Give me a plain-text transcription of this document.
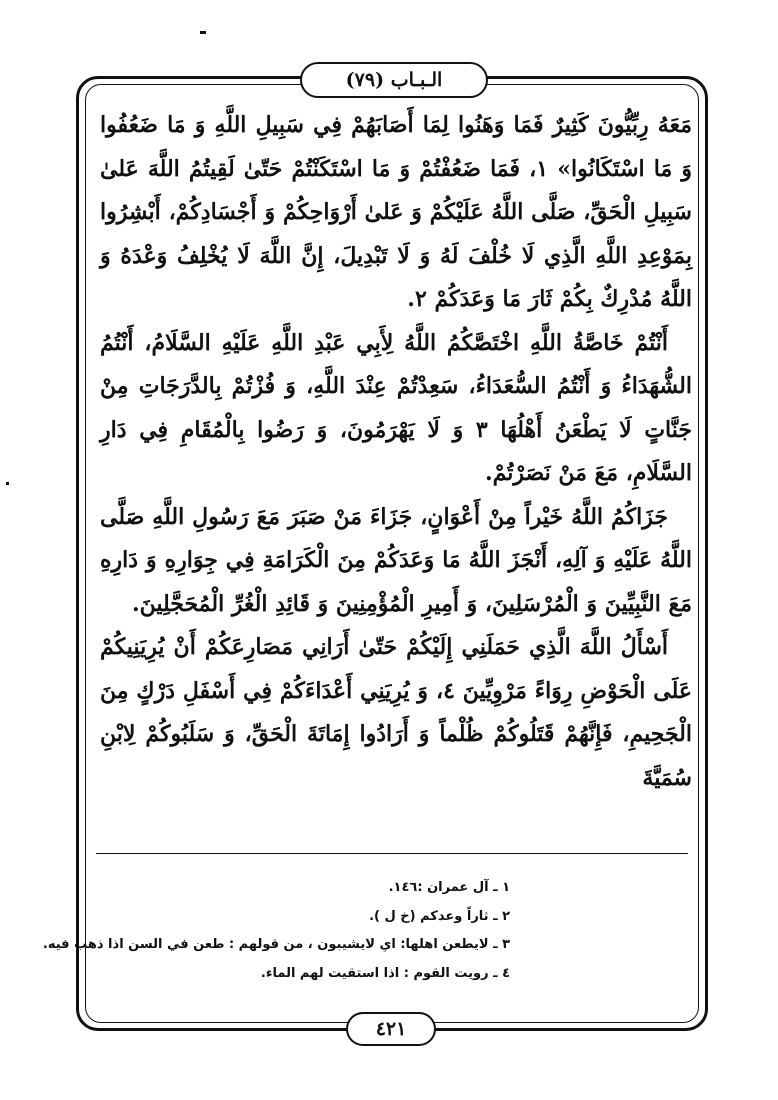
الـبـاب (٧٩)

مَعَهُ رِبِّيُّونَ كَثِيرٌ فَمَا وَهَنُوا لِمَا أَصَابَهُمْ فِي سَبِيلِ اللَّهِ وَ مَا ضَعُفُوا وَ مَا اسْتَكَانُوا» ١، فَمَا ضَعُفْتُمْ وَ مَا اسْتَكَنْتُمْ حَتّىٰ لَقِيتُمُ اللَّهَ عَلىٰ سَبِيلِ الْحَقِّ، صَلَّى اللَّهُ عَلَيْكُمْ وَ عَلىٰ أَرْوَاحِكُمْ وَ أَجْسَادِكُمْ، أَبْشِرُوا بِمَوْعِدِ اللَّهِ الَّذِي لَا خُلْفَ لَهُ وَ لَا تَبْدِيلَ، إِنَّ اللَّهَ لَا يُخْلِفُ وَعْدَهُ وَ اللَّهُ مُدْرِكٌ بِكُمْ ثَارَ مَا وَعَدَكُمْ ٢.

أَنْتُمْ خَاصَّةُ اللَّهِ اخْتَصَّكُمُ اللَّهُ لِأَبِي عَبْدِ اللَّهِ عَلَيْهِ السَّلَامُ، أَنْتُمُ الشُّهَدَاءُ وَ أَنْتُمُ السُّعَدَاءُ، سَعِدْتُمْ عِنْدَ اللَّهِ، وَ فُزْتُمْ بِالدَّرَجَاتِ مِنْ جَنَّاتٍ لَا يَطْعَنُ أَهْلُهَا ٣ وَ لَا يَهْرَمُونَ، وَ رَضُوا بِالْمُقَامِ فِي دَارِ السَّلَامِ، مَعَ مَنْ نَصَرْتُمْ.

جَزَاكُمُ اللَّهُ خَيْراً مِنْ أَعْوَانٍ، جَزَاءَ مَنْ صَبَرَ مَعَ رَسُولِ اللَّهِ صَلَّى اللَّهُ عَلَيْهِ وَ آلِهِ، أَنْجَزَ اللَّهُ مَا وَعَدَكُمْ مِنَ الْكَرَامَةِ فِي جِوَارِهِ وَ دَارِهِ مَعَ النَّبِيِّينَ وَ الْمُرْسَلِينَ، وَ أَمِيرِ الْمُؤْمِنِينَ وَ قَائِدِ الْغُرِّ الْمُحَجَّلِينَ.

أَسْأَلُ اللَّهَ الَّذِي حَمَلَنِي إِلَيْكُمْ حَتّىٰ أَرَانِي مَصَارِعَكُمْ أَنْ يُرِيَنِيكُمْ عَلَى الْحَوْضِ رِوَاءً مَرْوِيِّينَ ٤، وَ يُرِيَنِي أَعْدَاءَكُمْ فِي أَسْفَلِ دَرْكٍ مِنَ الْجَحِيمِ، فَإِنَّهُمْ قَتَلُوكُمْ ظُلْماً وَ أَرَادُوا إِمَاتَةَ الْحَقِّ، وَ سَلَبُوكُمْ لِابْنِ سُمَيَّةَ

١ ـ آل عمران :١٤٦.
٢ ـ ثاراً وعدكم (خ ل ).
٣ ـ لايطعن اهلها: اي لايشيبون ، من قولهم : طعن في السن اذا ذهب فيه.
٤ ـ رويت القوم : اذا استقيت لهم الماء.
٤٢١
